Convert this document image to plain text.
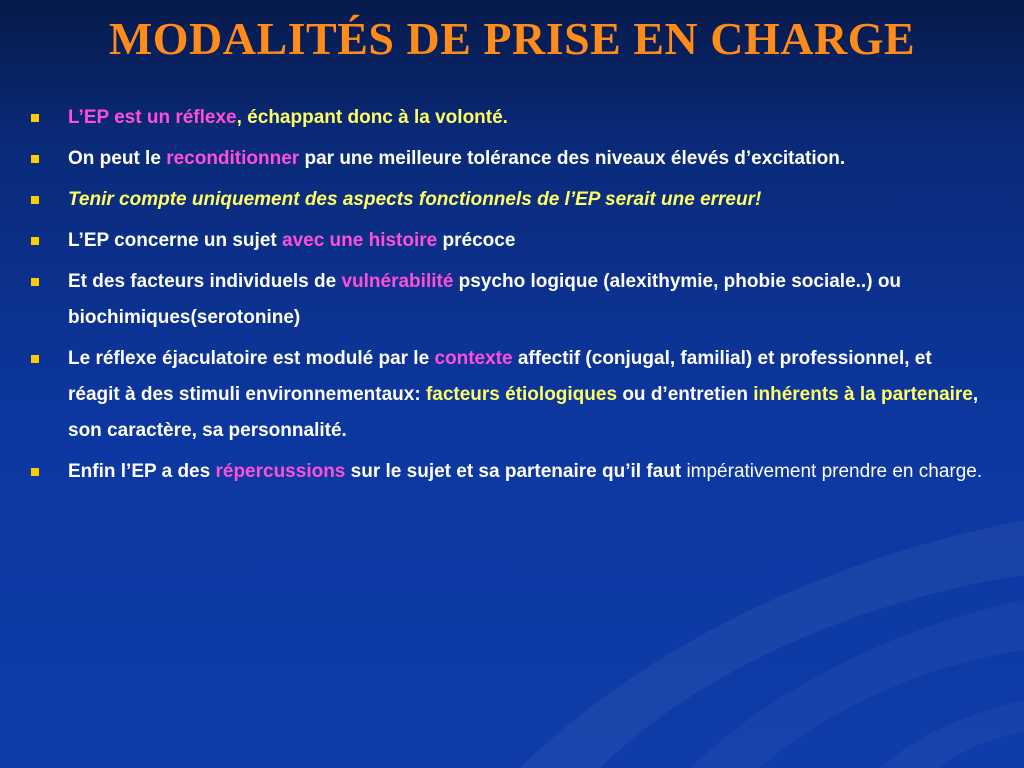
MODALITÉS DE PRISE EN CHARGE
L’EP est un réflexe, échappant donc à la volonté.
On peut le reconditionner par une meilleure tolérance des niveaux élevés d’excitation.
Tenir compte uniquement des aspects fonctionnels de l’EP serait une erreur!
L’EP concerne un sujet avec une histoire précoce
Et des facteurs individuels de vulnérabilité psycho logique (alexithymie, phobie sociale..) ou biochimiques(serotonine)
Le réflexe éjaculatoire est modulé par le contexte affectif (conjugal, familial) et professionnel, et réagit à des stimuli environnementaux: facteurs étiologiques ou d’entretien inhérents à la partenaire, son caractère, sa personnalité.
Enfin l’EP a des répercussions sur le sujet et sa partenaire qu’il faut impérativement prendre en charge.
